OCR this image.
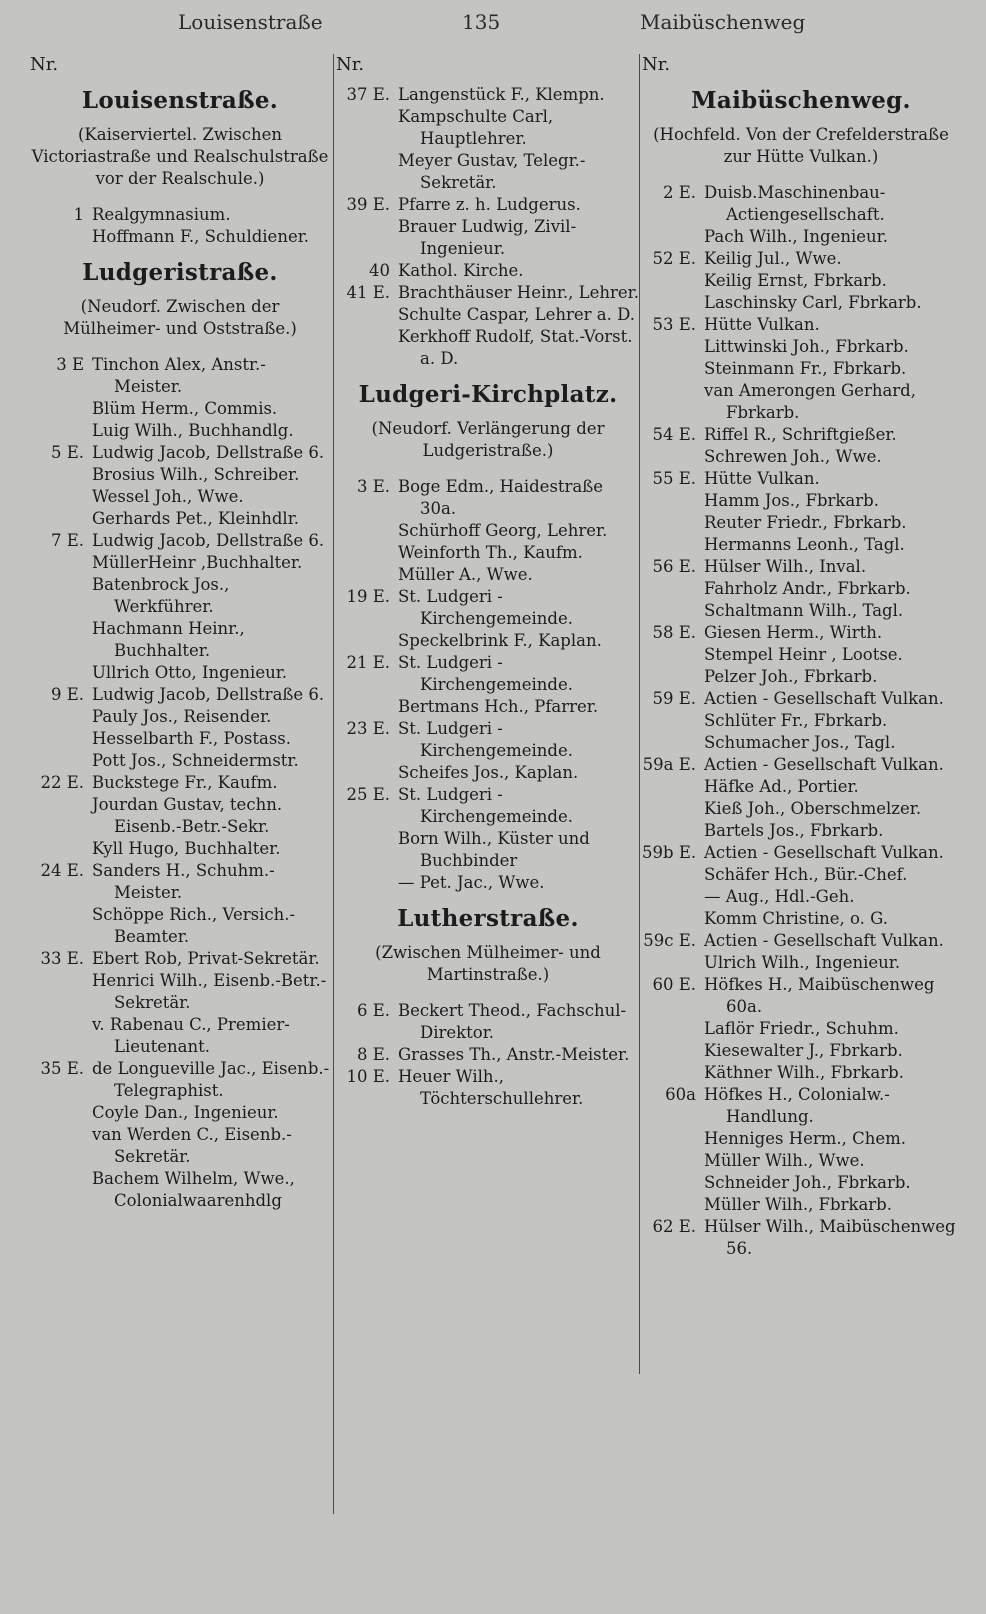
Louisenstraße	135	Maibüschenweg
Nr.
Louisenstraße.
(Kaiserviertel. Zwischen Victoriastraße und Realschulstraße vor der Realschule.)
1 Realgymnasium.
Hoffmann F., Schuldiener.
Ludgeristraße.
(Neudorf. Zwischen der Mülheimer- und Oststraße.)
3 E Tinchon Alex, Anstr.-Meister.
Blüm Herm., Commis.
Luig Wilh., Buchhandlg.
5 E. Ludwig Jacob, Dellstraße 6.
Brosius Wilh., Schreiber.
Wessel Joh., Wwe.
Gerhards Pet., Kleinhdlr.
7 E. Ludwig Jacob, Dellstraße 6.
MüllerHeinr ,Buchhalter.
Batenbrock Jos., Werkführer.
Hachmann Heinr., Buchhalter.
Ullrich Otto, Ingenieur.
9 E. Ludwig Jacob, Dellstraße 6.
Pauly Jos., Reisender.
Hesselbarth F., Postass.
Pott Jos., Schneidermstr.
22 E. Buckstege Fr., Kaufm.
Jourdan Gustav, techn. Eisenb.-Betr.-Sekr.
Kyll Hugo, Buchhalter.
24 E. Sanders H., Schuhm.-Meister.
Schöppe Rich., Versich.-Beamter.
33 E. Ebert Rob, Privat-Sekretär.
Henrici Wilh., Eisenb.-Betr.-Sekretär.
v. Rabenau C., Premier-Lieutenant.
35 E. de Longueville Jac., Eisenb.-Telegraphist.
Coyle Dan., Ingenieur.
van Werden C., Eisenb.-Sekretär.
Bachem Wilhelm, Wwe., Colonialwaarenhdlg
Nr.
37 E. Langenstück F., Klempn.
Kampschulte Carl, Hauptlehrer.
Meyer Gustav, Telegr.-Sekretär.
39 E. Pfarre z. h. Ludgerus.
Brauer Ludwig, Zivil-Ingenieur.
40 Kathol. Kirche.
41 E. Brachthäuser Heinr., Lehrer.
Schulte Caspar, Lehrer a. D.
Kerkhoff Rudolf, Stat.-Vorst. a. D.
Ludgeri-Kirchplatz.
(Neudorf. Verlängerung der Ludgeristraße.)
3 E. Boge Edm., Haidestraße 30a.
Schürhoff Georg, Lehrer.
Weinforth Th., Kaufm.
Müller A., Wwe.
19 E. St. Ludgeri - Kirchengemeinde.
Speckelbrink F., Kaplan.
21 E. St. Ludgeri - Kirchengemeinde.
Bertmans Hch., Pfarrer.
23 E. St. Ludgeri - Kirchengemeinde.
Scheifes Jos., Kaplan.
25 E. St. Ludgeri - Kirchengemeinde.
Born Wilh., Küster und Buchbinder
— Pet. Jac., Wwe.
Lutherstraße.
(Zwischen Mülheimer- und Martinstraße.)
6 E. Beckert Theod., Fachschul-Direktor.
8 E. Grasses Th., Anstr.-Meister.
10 E. Heuer Wilh., Töchterschullehrer.
Nr.
Maibüschenweg.
(Hochfeld. Von der Crefelderstraße zur Hütte Vulkan.)
2 E. Duisb.Maschinenbau-Actiengesellschaft.
Pach Wilh., Ingenieur.
52 E. Keilig Jul., Wwe.
Keilig Ernst, Fbrkarb.
Laschinsky Carl, Fbrkarb.
53 E. Hütte Vulkan.
Littwinski Joh., Fbrkarb.
Steinmann Fr., Fbrkarb.
van Amerongen Gerhard, Fbrkarb.
54 E. Riffel R., Schriftgießer.
Schrewen Joh., Wwe.
55 E. Hütte Vulkan.
Hamm Jos., Fbrkarb.
Reuter Friedr., Fbrkarb.
Hermanns Leonh., Tagl.
56 E. Hülser Wilh., Inval.
Fahrholz Andr., Fbrkarb.
Schaltmann Wilh., Tagl.
58 E. Giesen Herm., Wirth.
Stempel Heinr , Lootse.
Pelzer Joh., Fbrkarb.
59 E. Actien - Gesellschaft Vulkan.
Schlüter Fr., Fbrkarb.
Schumacher Jos., Tagl.
59a E. Actien - Gesellschaft Vulkan.
Häfke Ad., Portier.
Kieß Joh., Oberschmelzer.
Bartels Jos., Fbrkarb.
59b E. Actien - Gesellschaft Vulkan.
Schäfer Hch., Bür.-Chef.
— Aug., Hdl.-Geh.
Komm Christine, o. G.
59c E. Actien - Gesellschaft Vulkan.
Ulrich Wilh., Ingenieur.
60 E. Höfkes H., Maibüschenweg 60a.
Laflör Friedr., Schuhm.
Kiesewalter J., Fbrkarb.
Käthner Wilh., Fbrkarb.
60a Höfkes H., Colonialw.-Handlung.
Henniges Herm., Chem.
Müller Wilh., Wwe.
Schneider Joh., Fbrkarb.
Müller Wilh., Fbrkarb.
62 E. Hülser Wilh., Maibüschenweg 56.
